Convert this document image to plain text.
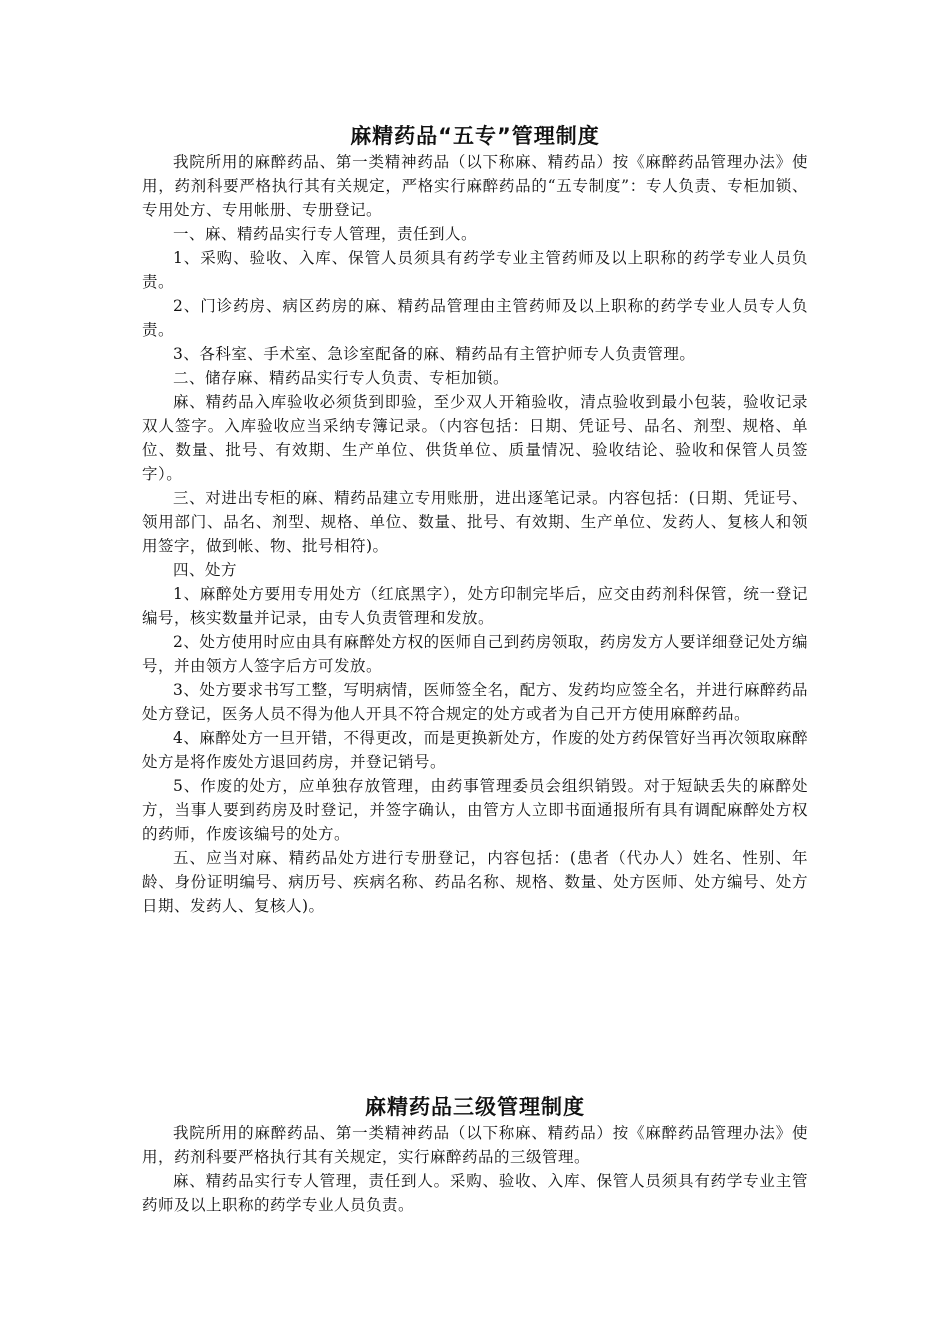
麻精药品“五专”管理制度

我院所用的麻醉药品、第一类精神药品（以下称麻、精药品）按《麻醉药品管理办法》使用，药剂科要严格执行其有关规定，严格实行麻醉药品的“五专制度”：专人负责、专柜加锁、专用处方、专用帐册、专册登记。

一、麻、精药品实行专人管理，责任到人。

1、采购、验收、入库、保管人员须具有药学专业主管药师及以上职称的药学专业人员负责。

2、门诊药房、病区药房的麻、精药品管理由主管药师及以上职称的药学专业人员专人负责。

3、各科室、手术室、急诊室配备的麻、精药品有主管护师专人负责管理。

二、储存麻、精药品实行专人负责、专柜加锁。

麻、精药品入库验收必须货到即验，至少双人开箱验收，清点验收到最小包装，验收记录双人签字。入库验收应当采纳专簿记录。（内容包括：日期、凭证号、品名、剂型、规格、单位、数量、批号、有效期、生产单位、供货单位、质量情况、验收结论、验收和保管人员签字）。

三、对进出专柜的麻、精药品建立专用账册，进出逐笔记录。内容包括：(日期、凭证号、领用部门、品名、剂型、规格、单位、数量、批号、有效期、生产单位、发药人、复核人和领用签字，做到帐、物、批号相符)。

四、处方

1、麻醉处方要用专用处方（红底黑字），处方印制完毕后，应交由药剂科保管，统一登记编号，核实数量并记录，由专人负责管理和发放。

2、处方使用时应由具有麻醉处方权的医师自己到药房领取，药房发方人要详细登记处方编号，并由领方人签字后方可发放。

3、处方要求书写工整，写明病情，医师签全名，配方、发药均应签全名，并进行麻醉药品处方登记，医务人员不得为他人开具不符合规定的处方或者为自己开方使用麻醉药品。

4、麻醉处方一旦开错，不得更改，而是更换新处方，作废的处方药保管好当再次领取麻醉处方是将作废处方退回药房，并登记销号。

5、作废的处方，应单独存放管理，由药事管理委员会组织销毁。对于短缺丢失的麻醉处方，当事人要到药房及时登记，并签字确认，由管方人立即书面通报所有具有调配麻醉处方权的药师，作废该编号的处方。

五、应当对麻、精药品处方进行专册登记，内容包括：(患者（代办人）姓名、性别、年龄、身份证明编号、病历号、疾病名称、药品名称、规格、数量、处方医师、处方编号、处方日期、发药人、复核人)。

麻精药品三级管理制度

我院所用的麻醉药品、第一类精神药品（以下称麻、精药品）按《麻醉药品管理办法》使用，药剂科要严格执行其有关规定，实行麻醉药品的三级管理。

麻、精药品实行专人管理，责任到人。采购、验收、入库、保管人员须具有药学专业主管药师及以上职称的药学专业人员负责。
